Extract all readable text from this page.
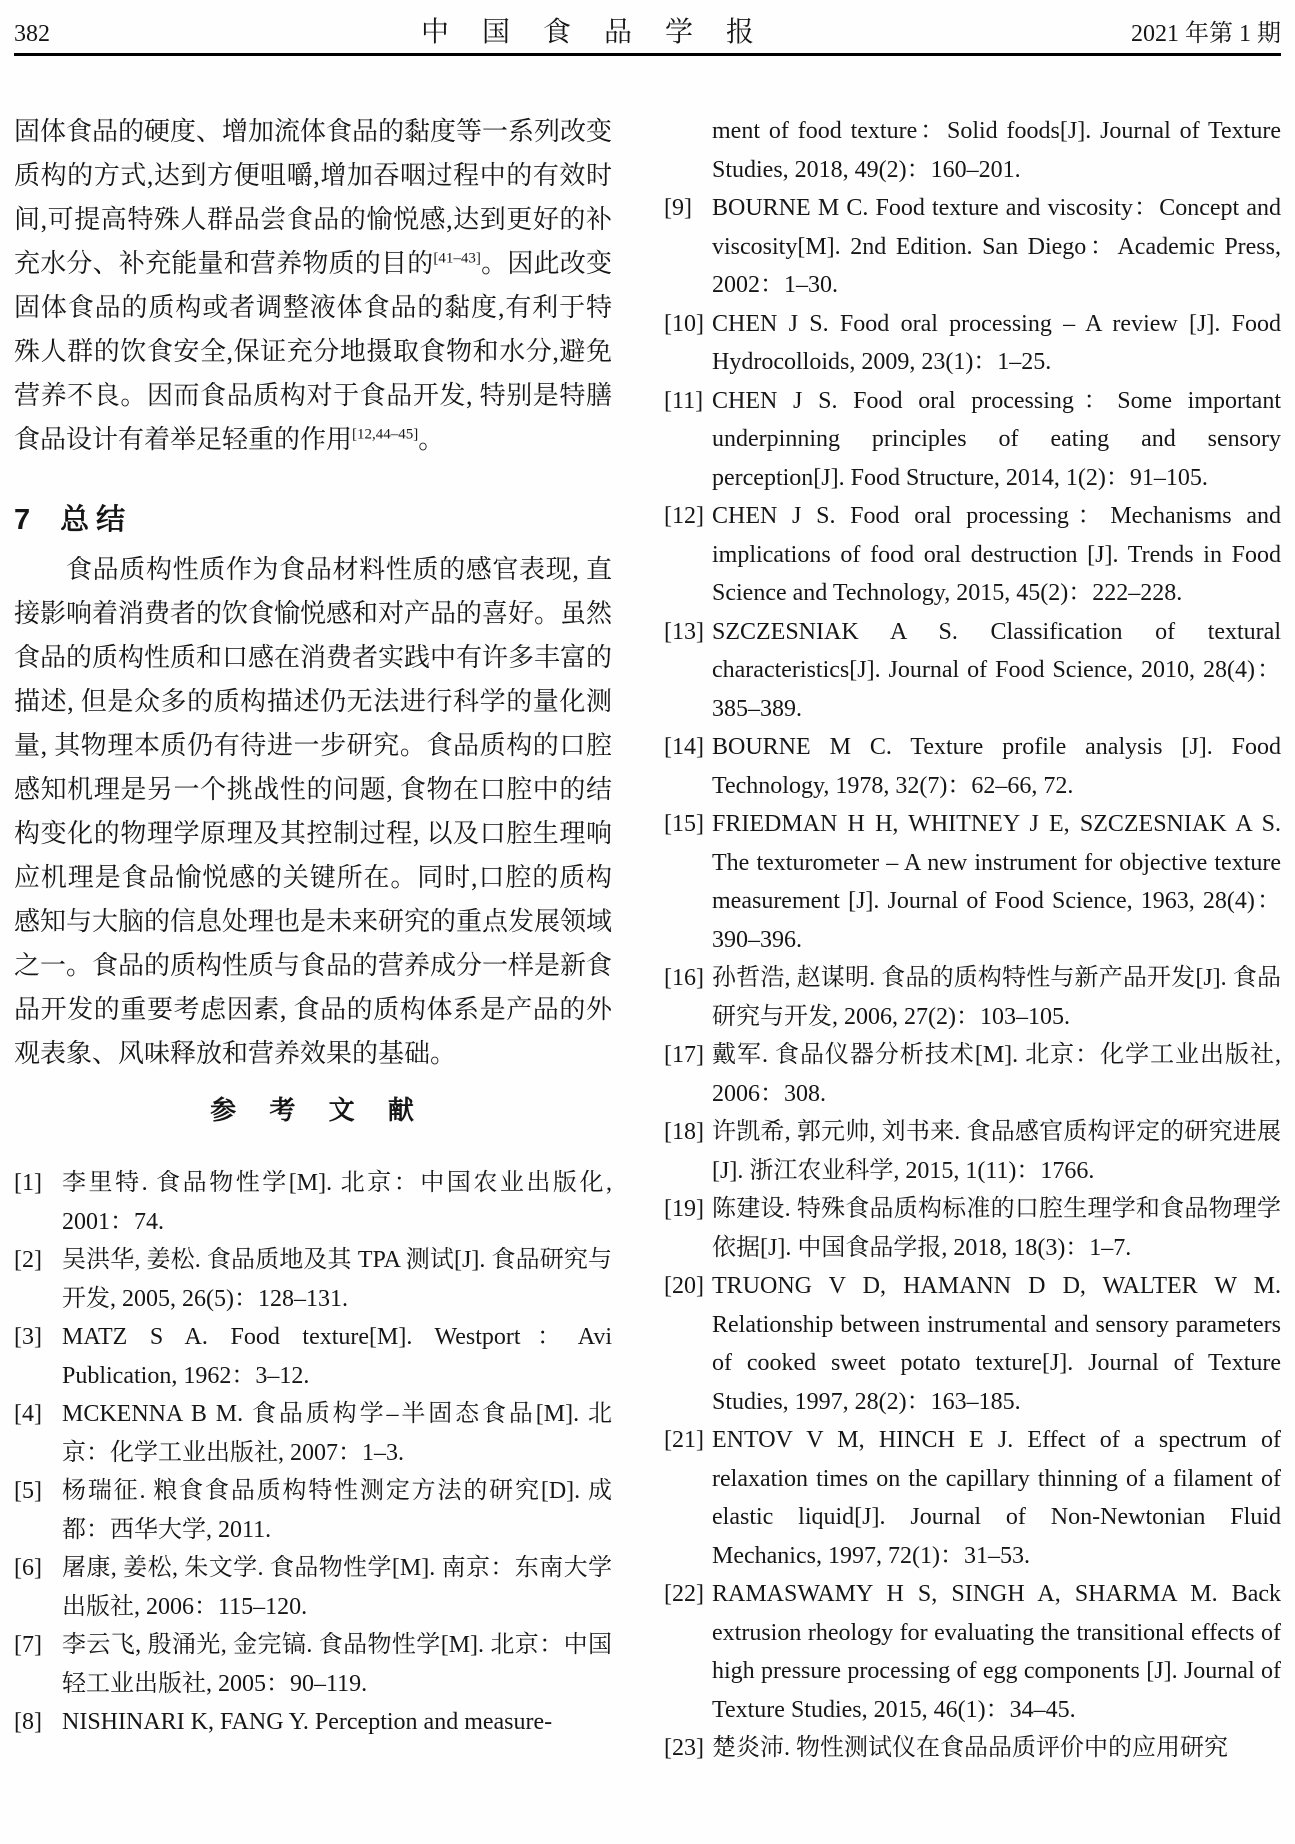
382	中 国 食 品 学 报	2021 年第 1 期

固体食品的硬度、增加流体食品的黏度等一系列改变质构的方式,达到方便咀嚼,增加吞咽过程中的有效时间,可提高特殊人群品尝食品的愉悦感,达到更好的补充水分、补充能量和营养物质的目的[41–43]。因此改变固体食品的质构或者调整液体食品的黏度,有利于特殊人群的饮食安全,保证充分地摄取食物和水分,避免营养不良。因而食品质构对于食品开发, 特别是特膳食品设计有着举足轻重的作用[12,44–45]。

7 总结

食品质构性质作为食品材料性质的感官表现, 直接影响着消费者的饮食愉悦感和对产品的喜好。虽然食品的质构性质和口感在消费者实践中有许多丰富的描述, 但是众多的质构描述仍无法进行科学的量化测量, 其物理本质仍有待进一步研究。食品质构的口腔感知机理是另一个挑战性的问题, 食物在口腔中的结构变化的物理学原理及其控制过程, 以及口腔生理响应机理是食品愉悦感的关键所在。同时,口腔的质构感知与大脑的信息处理也是未来研究的重点发展领域之一。食品的质构性质与食品的营养成分一样是新食品开发的重要考虑因素, 食品的质构体系是产品的外观表象、风味释放和营养效果的基础。

参 考 文 献
[1] 李里特. 食品物性学[M]. 北京：中国农业出版化, 2001：74.
[2] 吴洪华, 姜松. 食品质地及其 TPA 测试[J]. 食品研究与开发, 2005, 26(5)：128–131.
[3] MATZ S A. Food texture[M]. Westport：Avi Publication, 1962：3–12.
[4] MCKENNA B M. 食品质构学–半固态食品[M]. 北京：化学工业出版社, 2007：1–3.
[5] 杨瑞征. 粮食食品质构特性测定方法的研究[D]. 成都：西华大学, 2011.
[6] 屠康, 姜松, 朱文学. 食品物性学[M]. 南京：东南大学出版社, 2006：115–120.
[7] 李云飞, 殷涌光, 金完镐. 食品物性学[M]. 北京：中国轻工业出版社, 2005：90–119.
[8] NISHINARI K, FANG Y. Perception and measure-
ment of food texture：Solid foods[J]. Journal of Texture Studies, 2018, 49(2)：160–201.
[9] BOURNE M C. Food texture and viscosity：Concept and viscosity[M]. 2nd Edition. San Diego：Academic Press, 2002：1–30.
[10] CHEN J S. Food oral processing – A review [J]. Food Hydrocolloids, 2009, 23(1)：1–25.
[11] CHEN J S. Food oral processing：Some important underpinning principles of eating and sensory perception[J]. Food Structure, 2014, 1(2)：91–105.
[12] CHEN J S. Food oral processing：Mechanisms and implications of food oral destruction [J]. Trends in Food Science and Technology, 2015, 45(2)：222–228.
[13] SZCZESNIAK A S. Classification of textural characteristics[J]. Journal of Food Science, 2010, 28(4)：385–389.
[14] BOURNE M C. Texture profile analysis [J]. Food Technology, 1978, 32(7)：62–66, 72.
[15] FRIEDMAN H H, WHITNEY J E, SZCZESNIAK A S. The texturometer – A new instrument for objective texture measurement [J]. Journal of Food Science, 1963, 28(4)：390–396.
[16] 孙哲浩, 赵谋明. 食品的质构特性与新产品开发[J]. 食品研究与开发, 2006, 27(2)：103–105.
[17] 戴军. 食品仪器分析技术[M]. 北京：化学工业出版社, 2006：308.
[18] 许凯希, 郭元帅, 刘书来. 食品感官质构评定的研究进展[J]. 浙江农业科学, 2015, 1(11)：1766.
[19] 陈建设. 特殊食品质构标准的口腔生理学和食品物理学依据[J]. 中国食品学报, 2018, 18(3)：1–7.
[20] TRUONG V D, HAMANN D D, WALTER W M. Relationship between instrumental and sensory parameters of cooked sweet potato texture[J]. Journal of Texture Studies, 1997, 28(2)：163–185.
[21] ENTOV V M, HINCH E J. Effect of a spectrum of relaxation times on the capillary thinning of a filament of elastic liquid[J]. Journal of Non-Newtonian Fluid Mechanics, 1997, 72(1)：31–53.
[22] RAMASWAMY H S, SINGH A, SHARMA M. Back extrusion rheology for evaluating the transitional effects of high pressure processing of egg components [J]. Journal of Texture Studies, 2015, 46(1)：34–45.
[23] 楚炎沛. 物性测试仪在食品品质评价中的应用研究
